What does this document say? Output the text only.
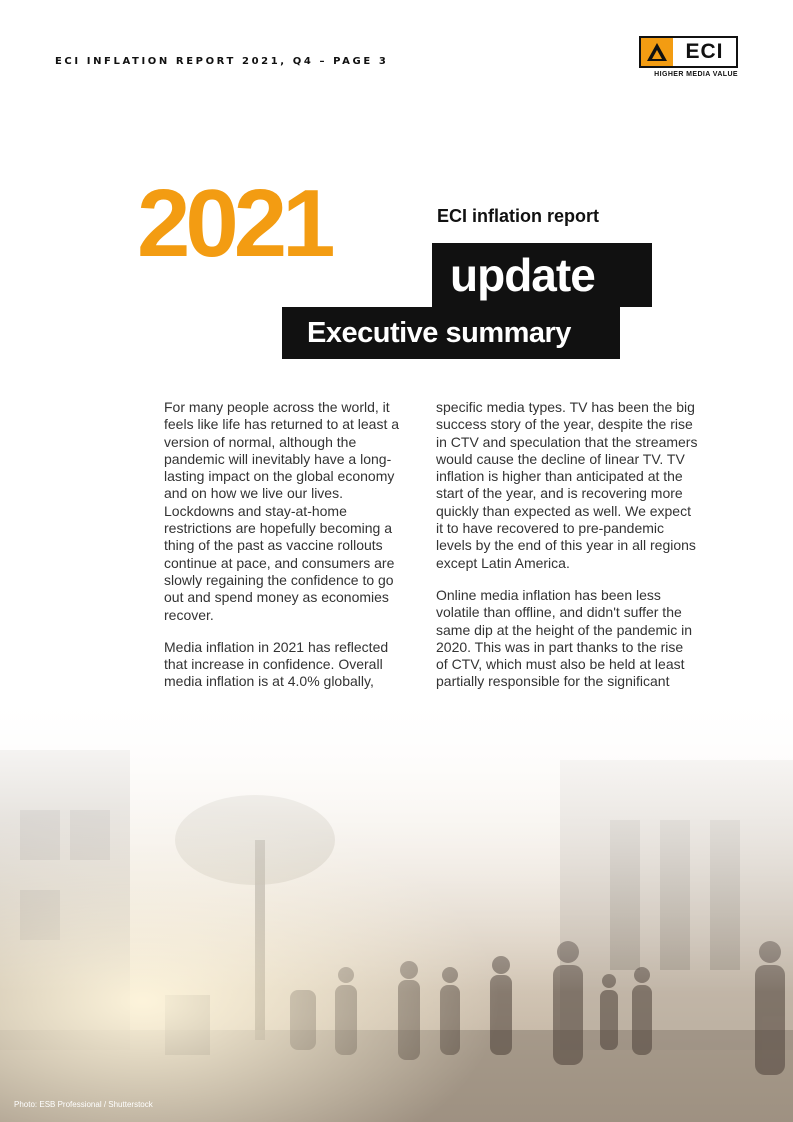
ECI INFLATION REPORT 2021, Q4 – PAGE 3	ECI
HIGHER MEDIA VALUE
2021	ECI inflation report
update
Executive summary

For many people across the world, it feels like life has returned to at least a version of normal, although the pandemic will inevitably have a long-lasting impact on the global economy and on how we live our lives. Lockdowns and stay-at-home restrictions are hopefully becoming a thing of the past as vaccine rollouts continue at pace, and consumers are slowly regaining the confidence to go out and spend money as economies recover.

Media inflation in 2021 has reflected that increase in confidence. Overall media inflation is at 4.0% globally,

specific media types. TV has been the big success story of the year, despite the rise in CTV and speculation that the streamers would cause the decline of linear TV. TV inflation is higher than anticipated at the start of the year, and is recovering more quickly than expected as well. We expect it to have recovered to pre-pandemic levels by the end of this year in all regions except Latin America.

Online media inflation has been less volatile than offline, and didn't suffer the same dip at the height of the pandemic in 2020. This was in part thanks to the rise of CTV, which must also be held at least partially responsible for the significant

Photo: ESB Professional / Shutterstock
